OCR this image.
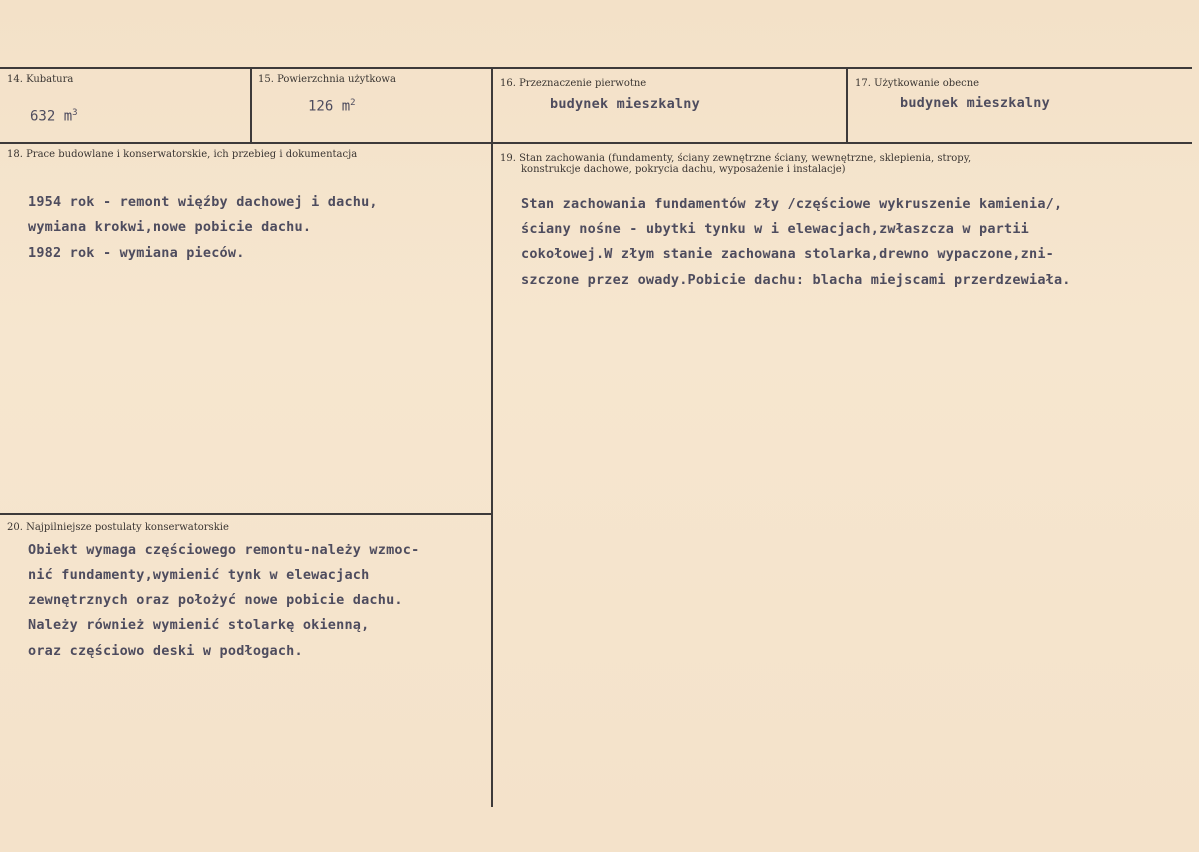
14. Kubatura
632 $m^3$
15. Powierzchnia użytkowa
126 $m^2$
16. Przeznaczenie pierwotne
budynek mieszkalny
17. Użytkowanie obecne
budynek mieszkalny
18. Prace budowlane i konserwatorskie, ich przebieg i dokumentacja
1954 rok - remont więźby dachowej i dachu,
wymiana krokwi,nowe pobicie dachu.
1982 rok - wymiana pieców.
19. Stan zachowania (fundamenty, ściany zewnętrzne ściany, wewnętrzne, sklepienia, stropy,
konstrukcje dachowe, pokrycia dachu, wyposażenie i instalacje)
Stan zachowania fundamentów zły /częściowe wykruszenie kamienia/,
ściany nośne - ubytki tynku w i elewacjach,zwłaszcza w partii
cokołowej.W złym stanie zachowana stolarka,drewno wypaczone,zni-
szczone przez owady.Pobicie dachu: blacha miejscami przerdzewiała.
20. Najpilniejsze postulaty konserwatorskie
Obiekt wymaga częściowego remontu-należy wzmoc-
nić fundamenty,wymienić tynk w elewacjach
zewnętrznych oraz położyć nowe pobicie dachu.
Należy również wymienić stolarkę okienną,
oraz częściowo deski w podłogach.
